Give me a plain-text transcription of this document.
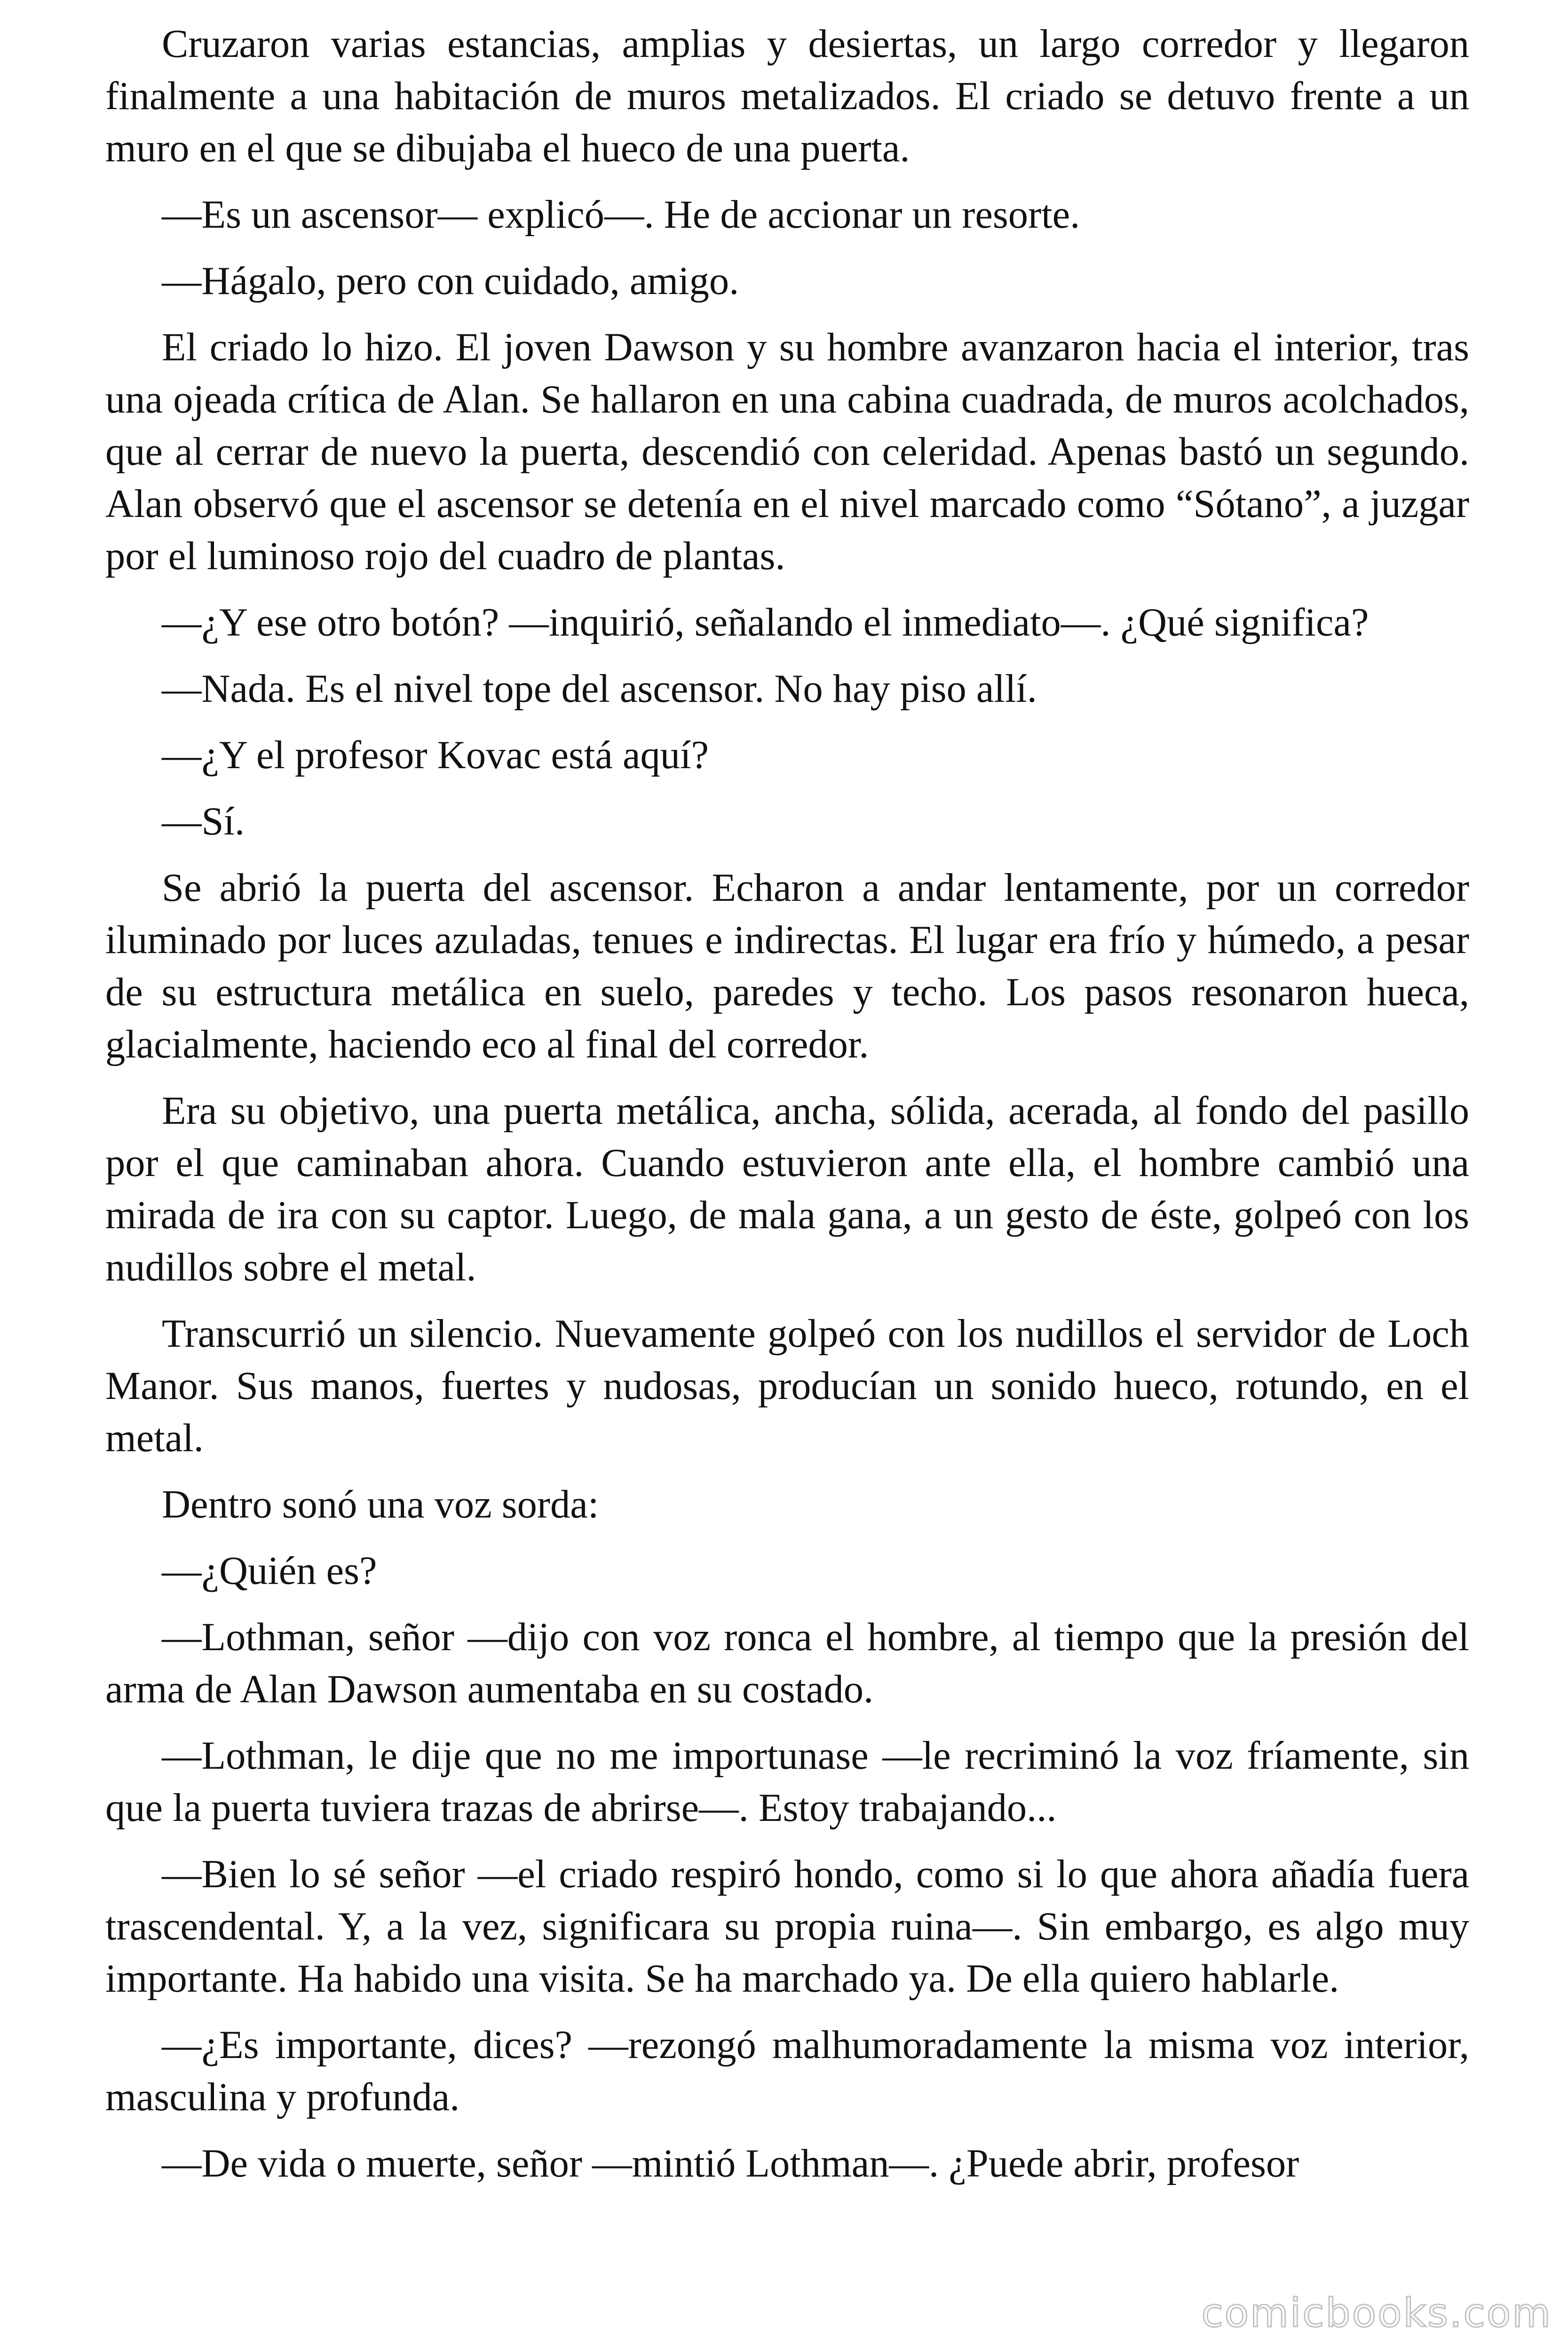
Cruzaron varias estancias, amplias y desiertas, un largo corredor y llegaron finalmente a una habitación de muros metalizados. El criado se detuvo frente a un muro en el que se dibujaba el hueco de una puerta.

—Es un ascensor— explicó—. He de accionar un resorte.

—Hágalo, pero con cuidado, amigo.

El criado lo hizo. El joven Dawson y su hombre avanzaron hacia el interior, tras una ojeada crítica de Alan. Se hallaron en una cabina cuadrada, de muros acolchados, que al cerrar de nuevo la puerta, descendió con celeridad. Apenas bastó un segundo. Alan observó que el ascensor se detenía en el nivel marcado como “Sótano”, a juzgar por el luminoso rojo del cuadro de plantas.

—¿Y ese otro botón? —inquirió, señalando el inmediato—. ¿Qué significa?

—Nada. Es el nivel tope del ascensor. No hay piso allí.

—¿Y el profesor Kovac está aquí?

—Sí.

Se abrió la puerta del ascensor. Echaron a andar lentamente, por un corredor iluminado por luces azuladas, tenues e indirectas. El lugar era frío y húmedo, a pesar de su estructura metálica en suelo, paredes y techo. Los pasos resonaron hueca, glacialmente, haciendo eco al final del corredor.

Era su objetivo, una puerta metálica, ancha, sólida, acerada, al fondo del pasillo por el que caminaban ahora. Cuando estuvieron ante ella, el hombre cambió una mirada de ira con su captor. Luego, de mala gana, a un gesto de éste, golpeó con los nudillos sobre el metal.

Transcurrió un silencio. Nuevamente golpeó con los nudillos el servidor de Loch Manor. Sus manos, fuertes y nudosas, producían un sonido hueco, rotundo, en el metal.

Dentro sonó una voz sorda:

—¿Quién es?

—Lothman, señor —dijo con voz ronca el hombre, al tiempo que la presión del arma de Alan Dawson aumentaba en su costado.

—Lothman, le dije que no me importunase —le recriminó la voz fríamente, sin que la puerta tuviera trazas de abrirse—. Estoy trabajando...

—Bien lo sé señor —el criado respiró hondo, como si lo que ahora añadía fuera trascendental. Y, a la vez, significara su propia ruina—. Sin embargo, es algo muy importante. Ha habido una visita. Se ha marchado ya. De ella quiero hablarle.

—¿Es importante, dices? —rezongó malhumoradamente la misma voz interior, masculina y profunda.

—De vida o muerte, señor —mintió Lothman—. ¿Puede abrir, profesor

comicbooks.com
